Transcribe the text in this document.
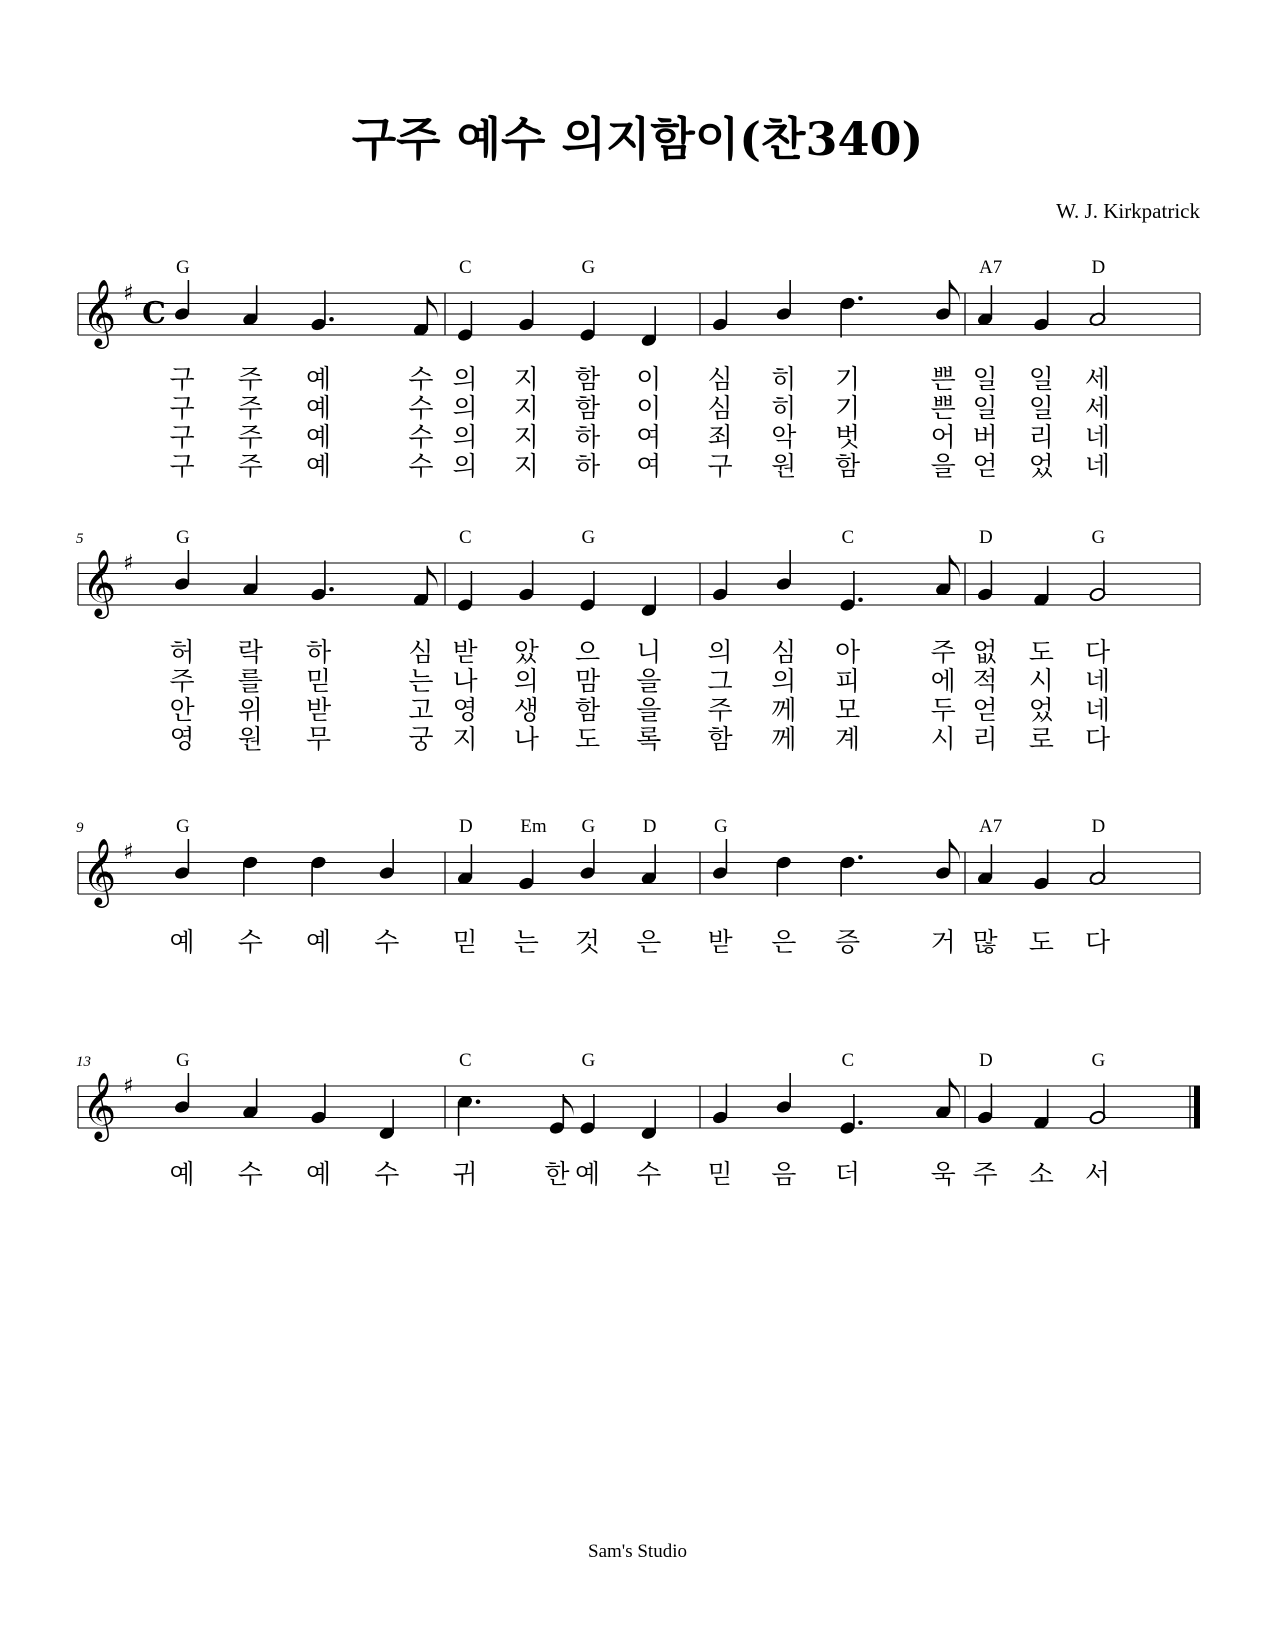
구주 예수 의지함이(찬340)
W. J. Kirkpatrick
𝄞 ♯
C
G	C	G	A7	D
구 주 예	수 의 지 함 이 심 히 기	쁜 일 일 세
구 주 예	수 의 지 함 이 심 히 기	쁜 일 일 세
구 주 예	수 의 지 하 여 죄 악 벗	어 버 리 네
구 주 예	수 의 지 하 여 구 원 함	을 얻 었 네
𝄞 ♯
5	G	C	G	C	D	G
허 락 하	심 받 았 으 니 의 심 아	주 없 도 다
주 를 믿	는 나 의 맘 을 그 의 피	에 적 시 네
안 위 받	고 영 생 함 을 주 께 모	두 얻 었 네
영 원 무	궁 지 나 도 록 함 께 계	시 리 로 다
𝄞 ♯
9	G	D	Em G	D	G	A7	D
예 수 예 수 믿 는 것 은 받 은 증	거 많 도 다
𝄞 ♯
13	G	C	G	C	D	G
예 수 예 수 귀	한 예 수 믿 음 더	욱 주 소 서
Sam's Studio
